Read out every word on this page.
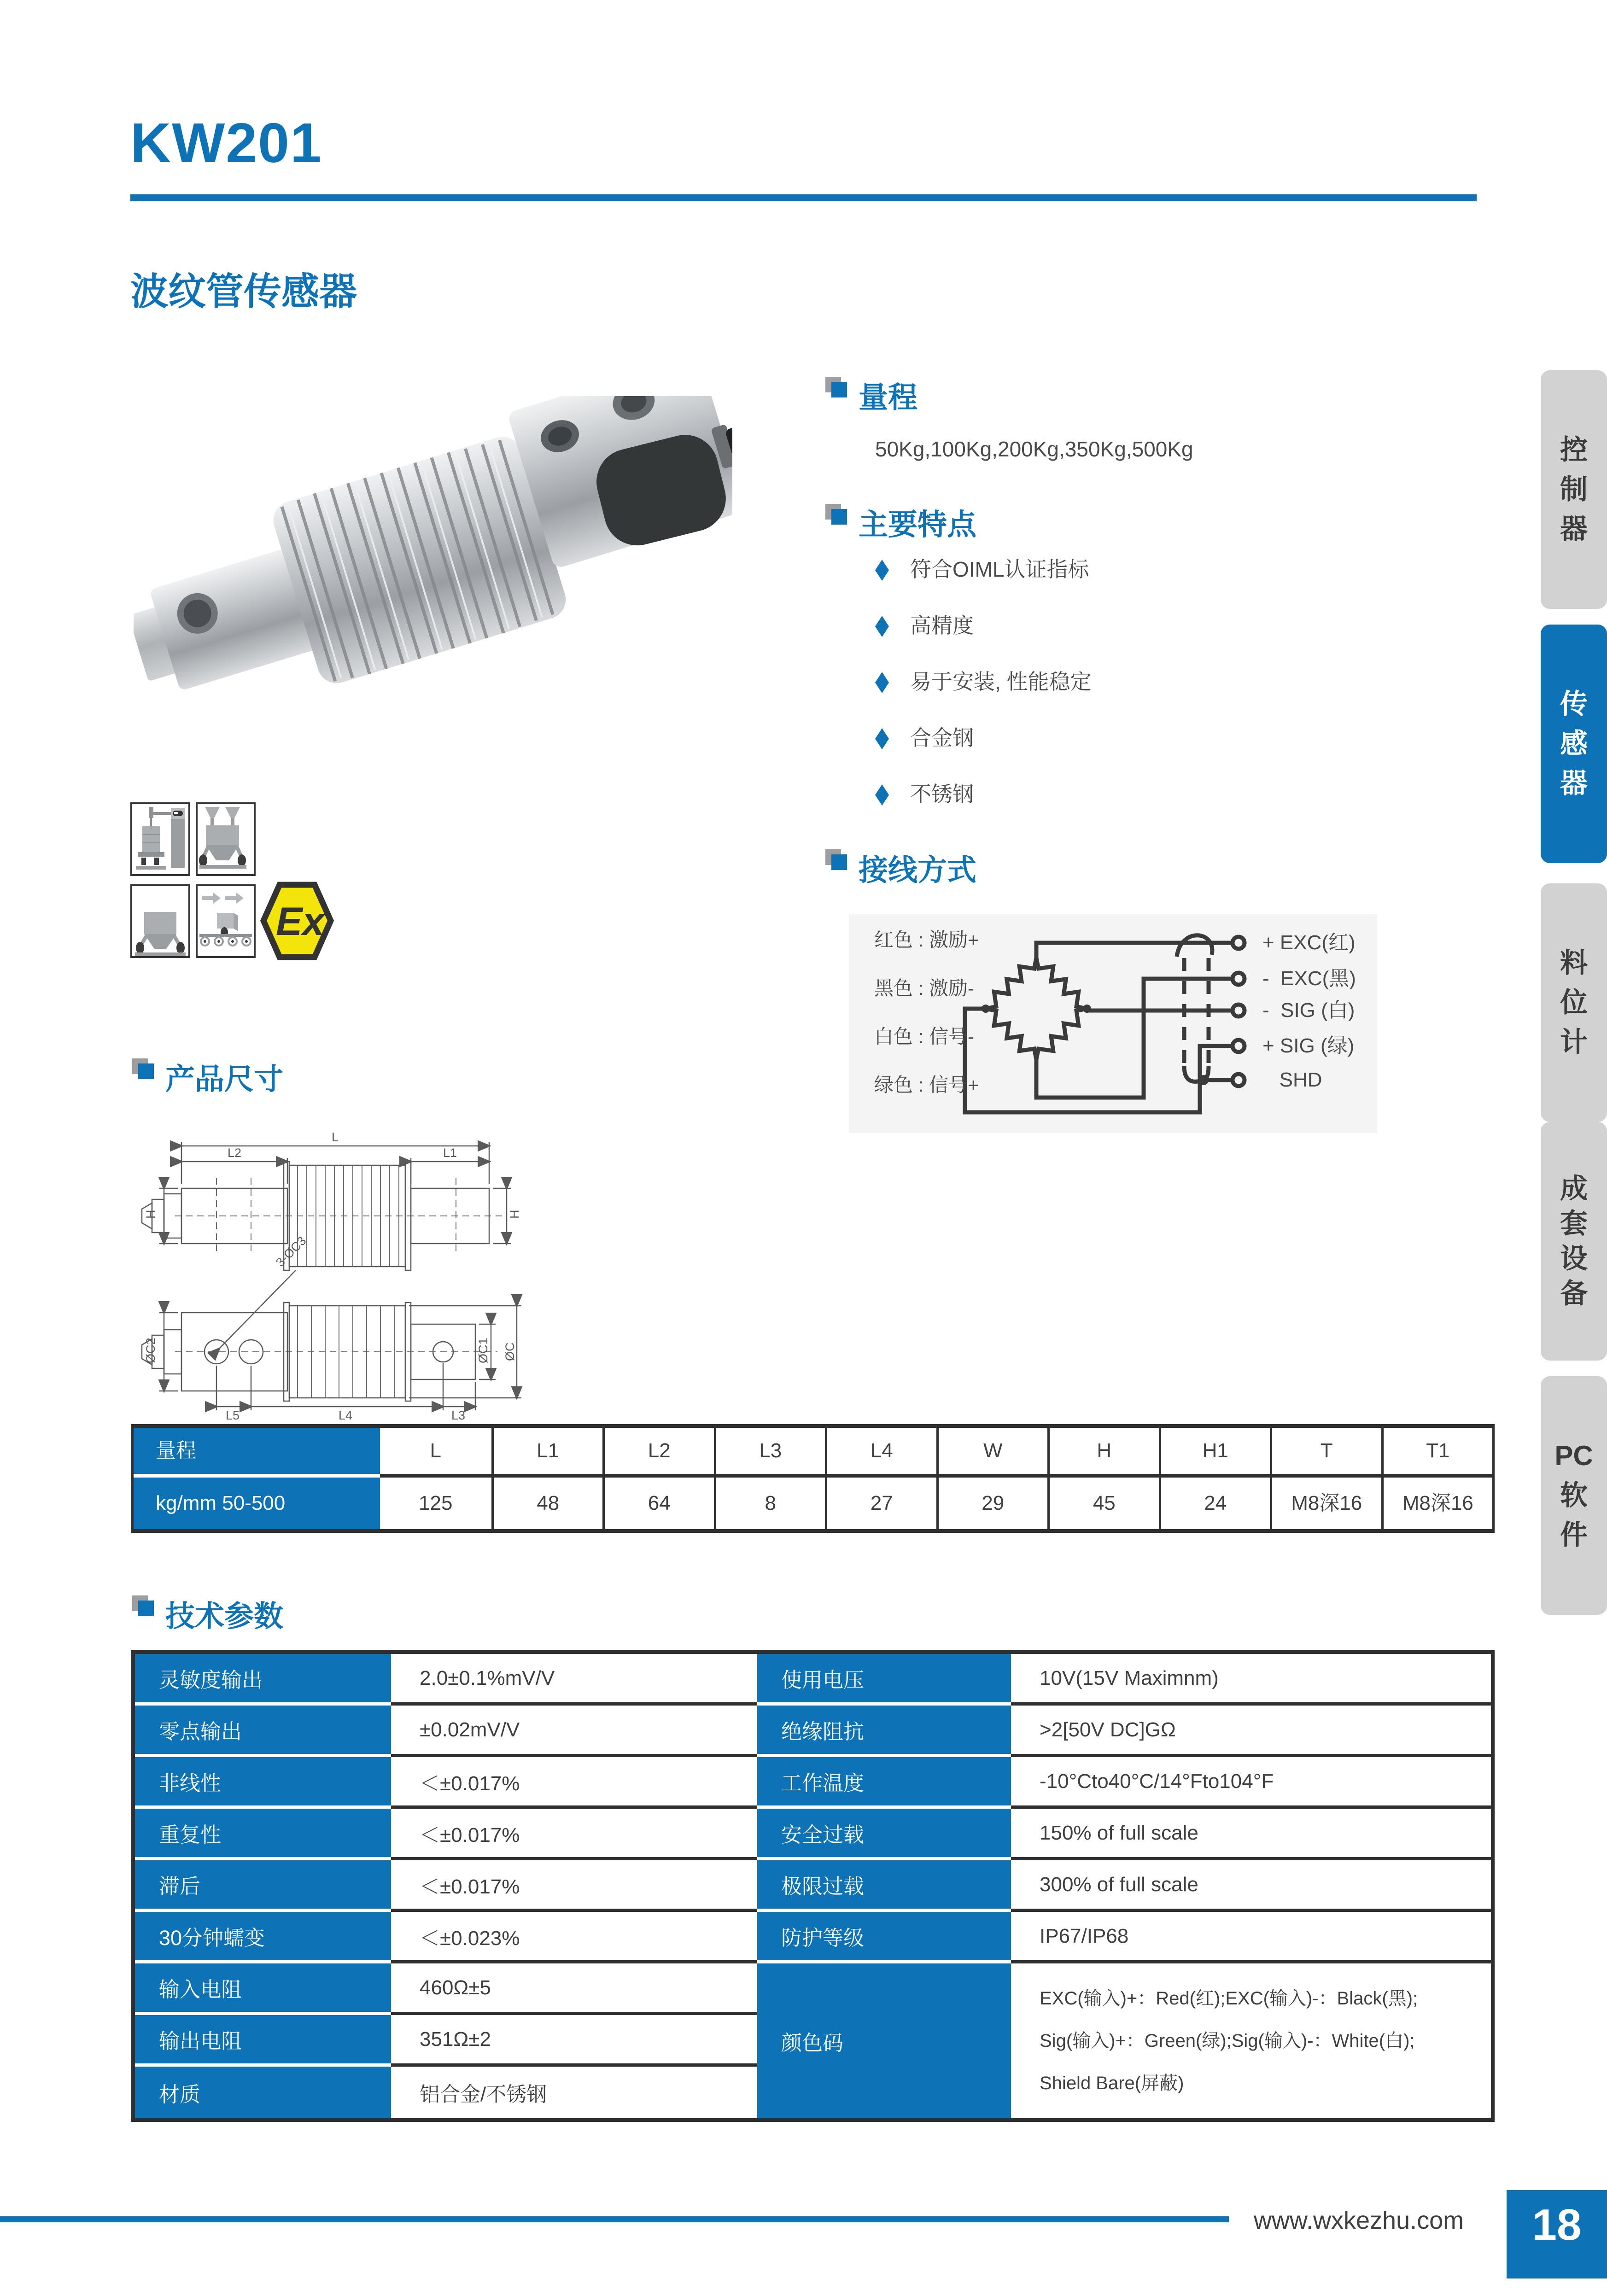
KW201
波纹管传感器
量程
50Kg,100Kg,200Kg,350Kg,500Kg
主要特点
符合OIML认证指标
高精度
易于安装, 性能稳定
合金钢
不锈钢
Ex
接线方式
红色 : 激励+
黑色 : 激励-
白色 : 信号-
绿色 : 信号+
+ EXC(红)
-  EXC(黑)
-  SIG (白)
+ SIG (绿)
SHD
产品尺寸
L
L2	L1
H	H
3-ØC3
ØC2	ØC1 ØC
L5	L4	L3
量程	L	L1	L2	L3	L4	W	H	H1	T	T1
kg/mm 50-500	125	48	64	8	27	29	45	24	M8深16	M8深16
技术参数
灵敏度输出	2.0±0.1%mV/V	使用电压	10V(15V Maximnm)
零点输出	±0.02mV/V	绝缘阻抗	>2[50V DC]GΩ
非线性	＜±0.017%	工作温度	-10°Cto40°C/14°Fto104°F
重复性	＜±0.017%	安全过载	150% of full scale
滞后	＜±0.017%	极限过载	300% of full scale
30分钟蠕变	＜±0.023%	防护等级	IP67/IP68
输入电阻	460Ω±5
颜色码
EXC(输入)+：Red(红);EXC(输入)-：Black(黑);
Sig(输入)+：Green(绿);Sig(输入)-：White(白);
Shield Bare(屏蔽)
输出电阻	351Ω±2
材质	铝合金/不锈钢
控
制
器
传
感
器
料
位
计
成
套
设
备
PC
软
件
www.wxkezhu.com	18
